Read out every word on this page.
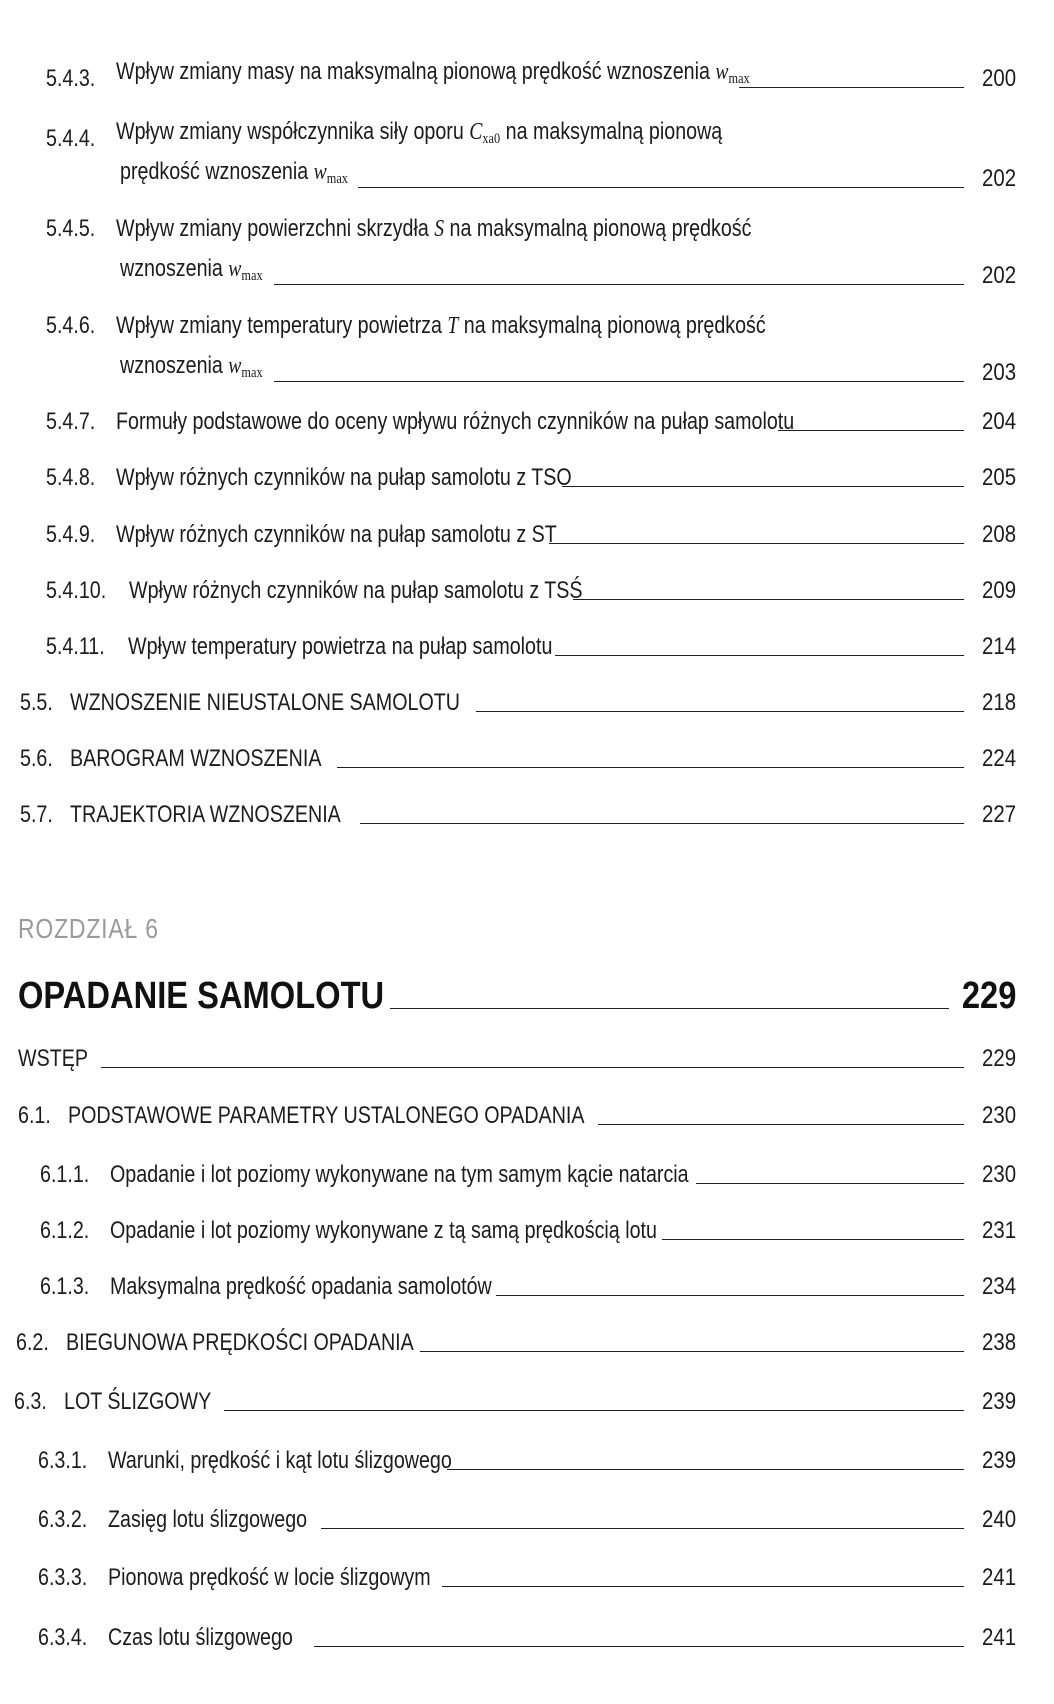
5.4.3. Wpływ zmiany masy na maksymalną pionową prędkość wznoszenia $w_{max}$	200
5.4.4. Wpływ zmiany współczynnika siły oporu $C_{xa0}$ na maksymalną pionową
prędkość wznoszenia $w_{max}$	202
5.4.5. Wpływ zmiany powierzchni skrzydła S na maksymalną pionową prędkość
wznoszenia $w_{max}$	202
5.4.6. Wpływ zmiany temperatury powietrza T na maksymalną pionową prędkość
wznoszenia $w_{max}$	203
5.4.7. Formuły podstawowe do oceny wpływu różnych czynników na pułap samolotu	204
5.4.8. Wpływ różnych czynników na pułap samolotu z TSO	205
5.4.9. Wpływ różnych czynników na pułap samolotu z ST	208
5.4.10. Wpływ różnych czynników na pułap samolotu z TSŚ	209
5.4.11. Wpływ temperatury powietrza na pułap samolotu	214
5.5. WZNOSZENIE NIEUSTALONE SAMOLOTU	218
5.6. BAROGRAM WZNOSZENIA	224
5.7. TRAJEKTORIA WZNOSZENIA	227
ROZDZIAŁ 6
OPADANIE SAMOLOTU	229
WSTĘP	229
6.1. PODSTAWOWE PARAMETRY USTALONEGO OPADANIA	230
6.1.1. Opadanie i lot poziomy wykonywane na tym samym kącie natarcia	230
6.1.2. Opadanie i lot poziomy wykonywane z tą samą prędkością lotu	231
6.1.3. Maksymalna prędkość opadania samolotów	234
6.2. BIEGUNOWA PRĘDKOŚCI OPADANIA	238
6.3. LOT ŚLIZGOWY	239
6.3.1. Warunki, prędkość i kąt lotu ślizgowego	239
6.3.2. Zasięg lotu ślizgowego	240
6.3.3. Pionowa prędkość w locie ślizgowym	241
6.3.4. Czas lotu ślizgowego	241
